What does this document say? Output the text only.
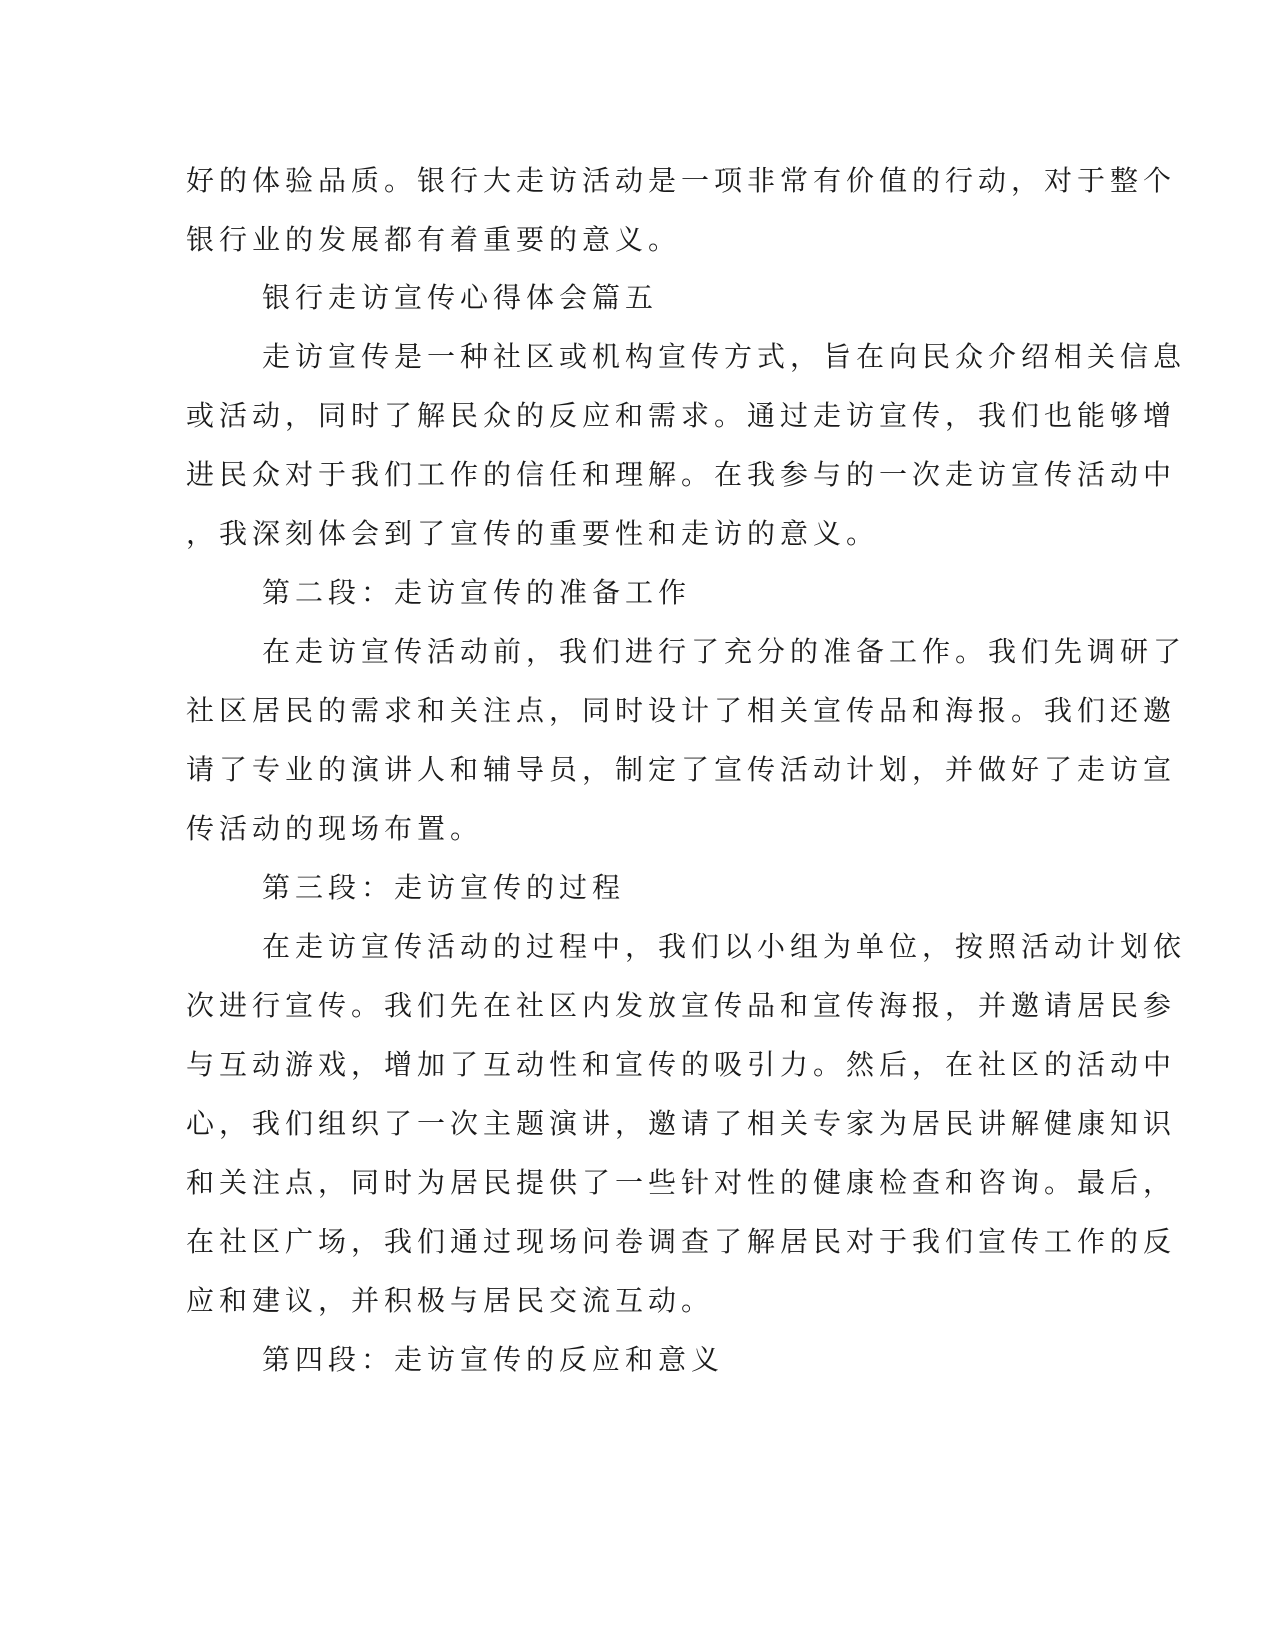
好的体验品质。银行大走访活动是一项非常有价值的行动，对于整个
银行业的发展都有着重要的意义。
银行走访宣传心得体会篇五
走访宣传是一种社区或机构宣传方式，旨在向民众介绍相关信息
或活动，同时了解民众的反应和需求。通过走访宣传，我们也能够增
进民众对于我们工作的信任和理解。在我参与的一次走访宣传活动中
，我深刻体会到了宣传的重要性和走访的意义。
第二段：走访宣传的准备工作
在走访宣传活动前，我们进行了充分的准备工作。我们先调研了
社区居民的需求和关注点，同时设计了相关宣传品和海报。我们还邀
请了专业的演讲人和辅导员，制定了宣传活动计划，并做好了走访宣
传活动的现场布置。
第三段：走访宣传的过程
在走访宣传活动的过程中，我们以小组为单位，按照活动计划依
次进行宣传。我们先在社区内发放宣传品和宣传海报，并邀请居民参
与互动游戏，增加了互动性和宣传的吸引力。然后，在社区的活动中
心，我们组织了一次主题演讲，邀请了相关专家为居民讲解健康知识
和关注点，同时为居民提供了一些针对性的健康检查和咨询。最后，
在社区广场，我们通过现场问卷调查了解居民对于我们宣传工作的反
应和建议，并积极与居民交流互动。
第四段：走访宣传的反应和意义
